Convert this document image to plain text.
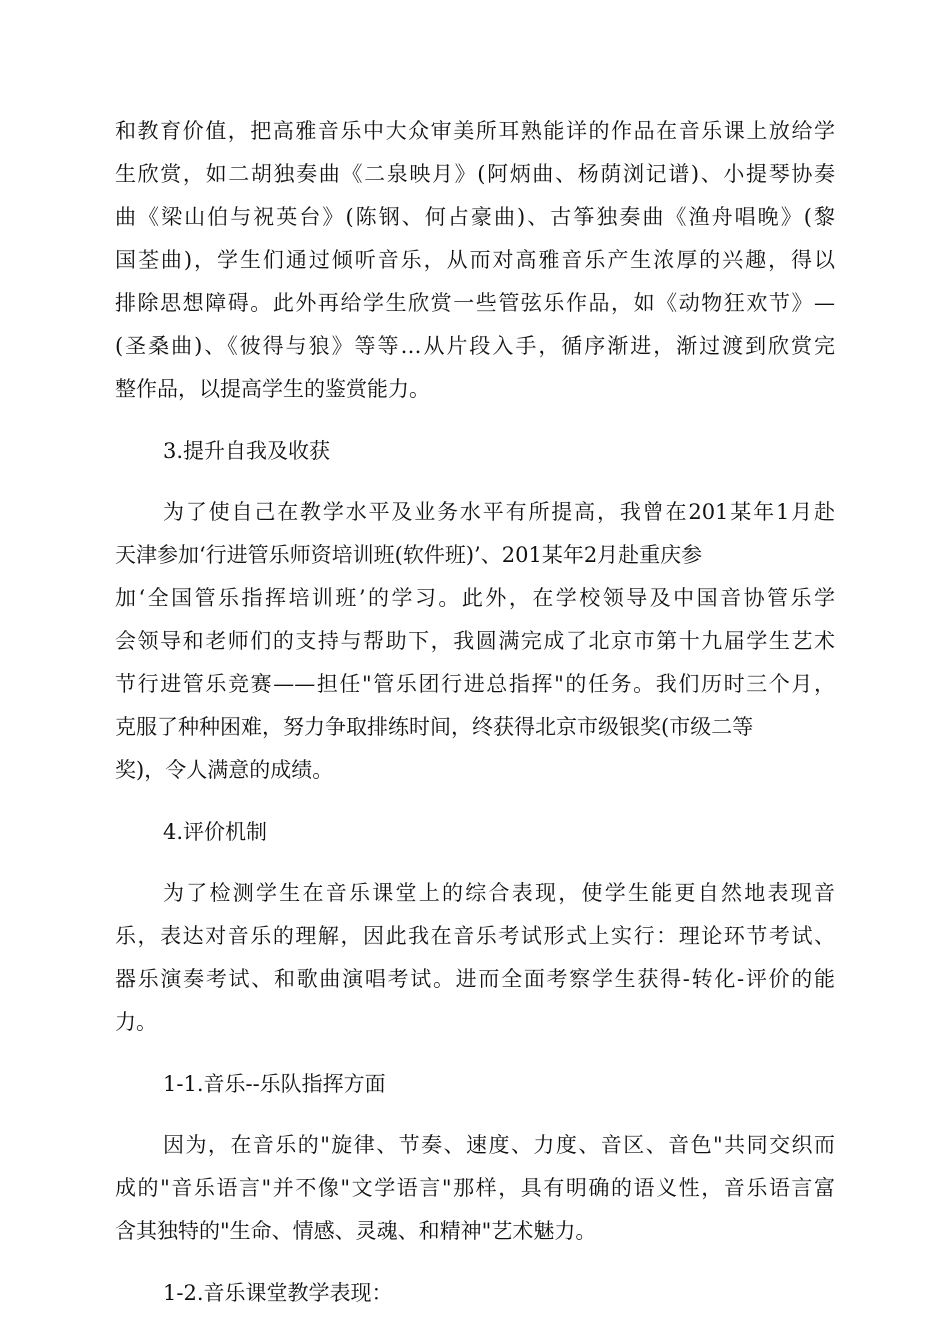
和教育价值，把高雅音乐中大众审美所耳熟能详的作品在音乐课上放给学
生欣赏，如二胡独奏曲《二泉映月》(阿炳曲、杨荫浏记谱)、小提琴协奏
曲《梁山伯与祝英台》(陈钢、何占豪曲)、古筝独奏曲《渔舟唱晚》(黎
国荃曲)，学生们通过倾听音乐，从而对高雅音乐产生浓厚的兴趣，得以
排除思想障碍。此外再给学生欣赏一些管弦乐作品，如《动物狂欢节》—
(圣桑曲)、《彼得与狼》等等…从片段入手，循序渐进，渐过渡到欣赏完
整作品，以提高学生的鉴赏能力。
3.提升自我及收获
为了使自己在教学水平及业务水平有所提高，我曾在201某年1月赴
天津参加‘行进管乐师资培训班(软件班)’、201某年2月赴重庆参
加‘全国管乐指挥培训班’的学习。此外，在学校领导及中国音协管乐学
会领导和老师们的支持与帮助下，我圆满完成了北京市第十九届学生艺术
节行进管乐竞赛——担任"管乐团行进总指挥"的任务。我们历时三个月，
克服了种种困难，努力争取排练时间，终获得北京市级银奖(市级二等
奖)，令人满意的成绩。
4.评价机制
为了检测学生在音乐课堂上的综合表现，使学生能更自然地表现音
乐，表达对音乐的理解，因此我在音乐考试形式上实行：理论环节考试、
器乐演奏考试、和歌曲演唱考试。进而全面考察学生获得-转化-评价的能
力。
1-1.音乐--乐队指挥方面
因为，在音乐的"旋律、节奏、速度、力度、音区、音色"共同交织而
成的"音乐语言"并不像"文学语言"那样，具有明确的语义性，音乐语言富
含其独特的"生命、情感、灵魂、和精神"艺术魅力。
1-2.音乐课堂教学表现：
